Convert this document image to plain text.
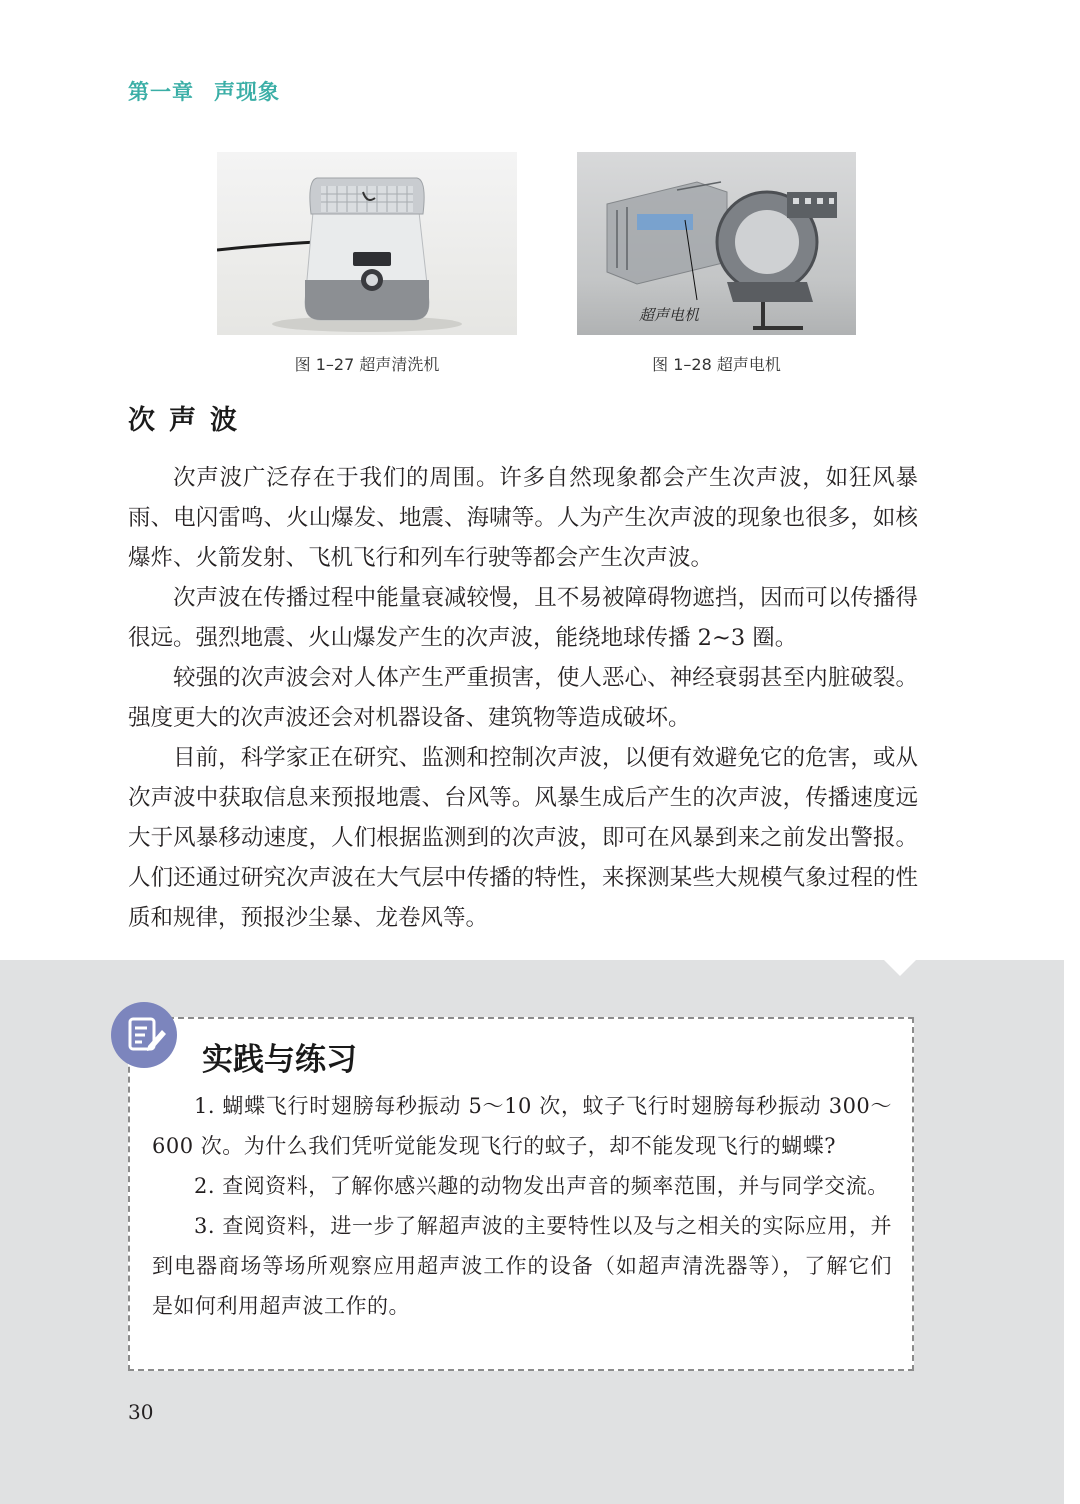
第一章 声现象
图 1–27 超声清洗机
超声电机
图 1–28 超声电机
次声波

次声波广泛存在于我们的周围。许多自然现象都会产生次声波，如狂风暴雨、电闪雷鸣、火山爆发、地震、海啸等。人为产生次声波的现象也很多，如核爆炸、火箭发射、飞机飞行和列车行驶等都会产生次声波。

次声波在传播过程中能量衰减较慢，且不易被障碍物遮挡，因而可以传播得很远。强烈地震、火山爆发产生的次声波，能绕地球传播 2~3 圈。

较强的次声波会对人体产生严重损害，使人恶心、神经衰弱甚至内脏破裂。强度更大的次声波还会对机器设备、建筑物等造成破坏。

目前，科学家正在研究、监测和控制次声波，以便有效避免它的危害，或从次声波中获取信息来预报地震、台风等。风暴生成后产生的次声波，传播速度远大于风暴移动速度，人们根据监测到的次声波，即可在风暴到来之前发出警报。人们还通过研究次声波在大气层中传播的特性，来探测某些大规模气象过程的性质和规律，预报沙尘暴、龙卷风等。

实践与练习

1. 蝴蝶飞行时翅膀每秒振动 5～10 次，蚊子飞行时翅膀每秒振动 300～600 次。为什么我们凭听觉能发现飞行的蚊子，却不能发现飞行的蝴蝶?

2. 查阅资料，了解你感兴趣的动物发出声音的频率范围，并与同学交流。

3. 查阅资料，进一步了解超声波的主要特性以及与之相关的实际应用，并到电器商场等场所观察应用超声波工作的设备（如超声清洗器等），了解它们是如何利用超声波工作的。

30
